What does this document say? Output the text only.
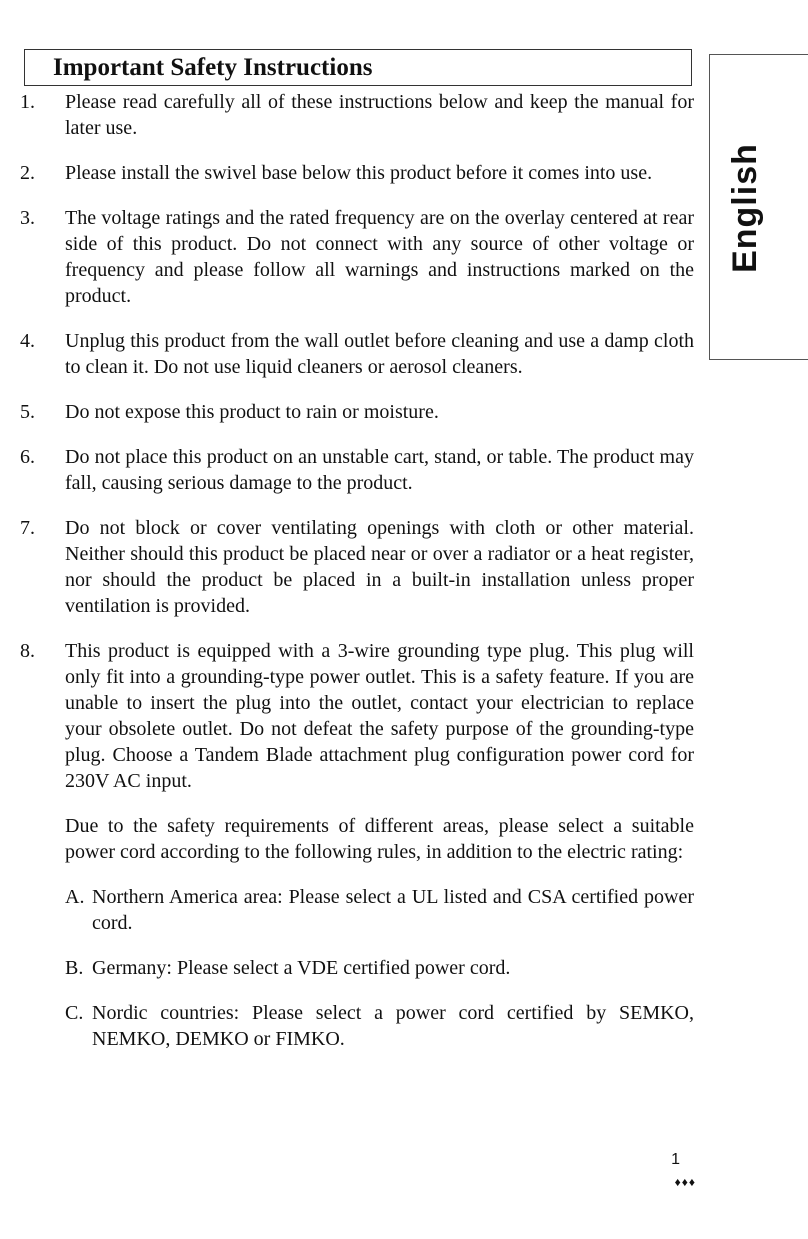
Important Safety Instructions
English
1. Please read carefully all of these instructions below and keep the manual for later use.
2. Please install the swivel base below this product before it comes into use.
3. The voltage ratings and the rated frequency are on the overlay centered at rear side of this product. Do not connect with any source of other voltage or frequency and please follow all warnings and instructions marked on the product.
4. Unplug this product from the wall outlet before cleaning and use a damp cloth to clean it. Do not use liquid cleaners or aerosol cleaners.
5. Do not expose this product to rain or moisture.
6. Do not place this product on an unstable cart, stand, or table. The product may fall, causing serious damage to the product.
7. Do not block or cover ventilating openings with cloth or other material. Neither should this product be placed near or over a radiator or a heat register, nor should the product be placed in a built-in installation unless proper ventilation is provided.
8. This product is equipped with a 3-wire grounding type plug. This plug will only fit into a grounding-type power outlet. This is a safety feature. If you are unable to insert the plug into the outlet, contact your electrician to replace your obsolete outlet. Do not defeat the safety purpose of the grounding-type plug. Choose a Tandem Blade attachment plug configuration power cord for 230V AC input.
Due to the safety requirements of different areas, please select a suitable power cord according to the following rules, in addition to the electric rating:
A. Northern America area: Please select a UL listed and CSA certified power cord.
B. Germany: Please select a VDE certified power cord.
C. Nordic countries: Please select a power cord certified by SEMKO, NEMKO, DEMKO or FIMKO.
1
♦♦♦
